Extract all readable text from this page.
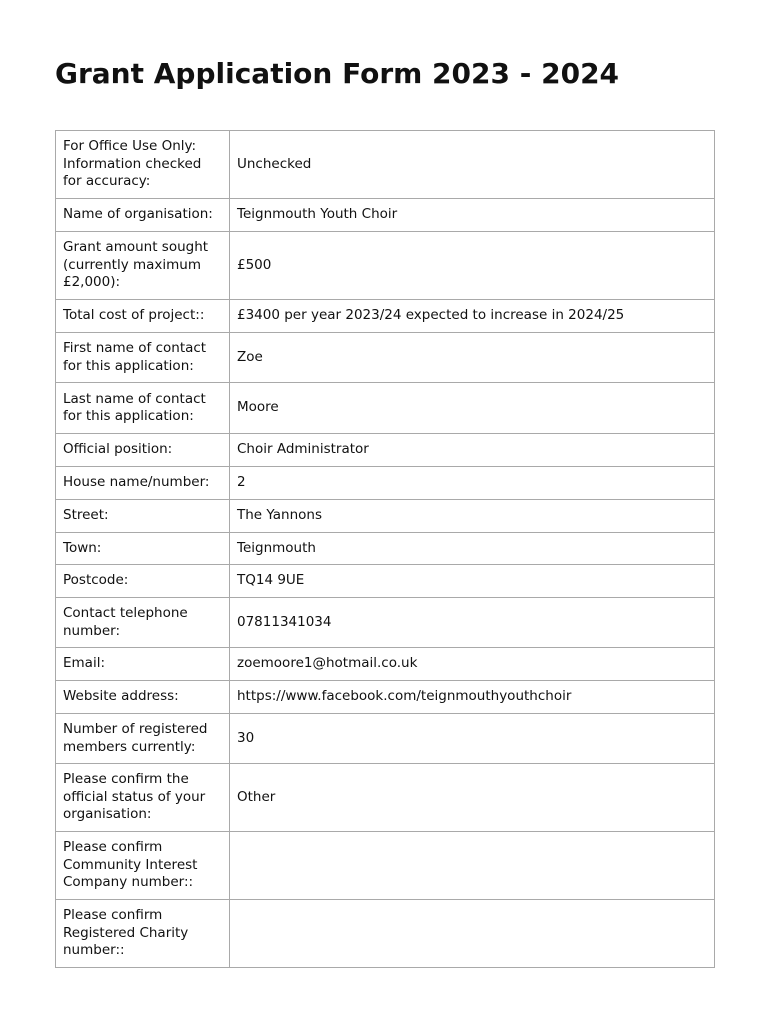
Grant Application Form 2023 - 2024
For Office Use Only: Information checked for accuracy:	Unchecked
Name of organisation:	Teignmouth Youth Choir
Grant amount sought (currently maximum £2,000):	£500
Total cost of project::	£3400 per year 2023/24 expected to increase in 2024/25
First name of contact for this application:	Zoe
Last name of contact for this application:	Moore
Official position:	Choir Administrator
House name/number:	2
Street:	The Yannons
Town:	Teignmouth
Postcode:	TQ14 9UE
Contact telephone number:	07811341034
Email:	zoemoore1@hotmail.co.uk
Website address:	https://www.facebook.com/teignmouthyouthchoir
Number of registered members currently:	30
Please confirm the official status of your organisation:	Other
Please confirm Community Interest Company number::	
Please confirm Registered Charity number::	
